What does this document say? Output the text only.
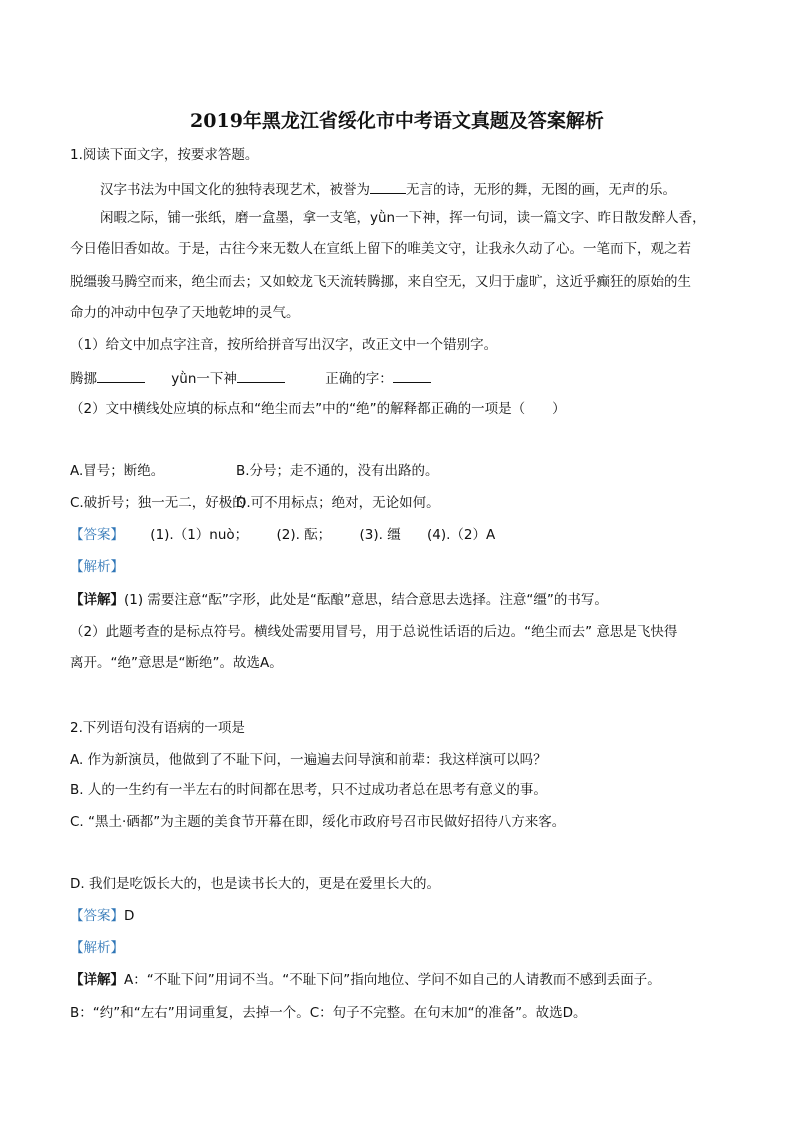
2019年黑龙江省绥化市中考语文真题及答案解析
1.阅读下面文字，按要求答题。
汉字书法为中国文化的独特表现艺术，被誉为	无言的诗，无形的舞，无图的画，无声的乐。
闲暇之际，铺一张纸，磨一盒墨，拿一支笔，yǜn一下神，挥一句词，读一篇文字、昨日散发醉人香，
今日倦旧香如故。于是，古往今来无数人在宣纸上留下的唯美文守，让我永久动了心。一笔而下，观之若
脱缰骏马腾空而来，绝尘而去；又如蛟龙飞天流转腾挪，来自空无，又归于虚旷，这近乎癫狂的原始的生
命力的冲动中包孕了天地乾坤的灵气。
（1）给文中加点字注音，按所给拼音写出汉字，改正文中一个错别字。
腾挪	yǜn一下神	正确的字：
（2）文中横线处应填的标点和“绝尘而去”中的“绝”的解释都正确的一项是（　　）
A.冒号；断绝。	B.分号；走不通的，没有出路的。
C.破折号；独一无二，好极的
D.可不用标点；绝对，无论如何。
【答案】 (1).（1）nuò； (2). 酝； (3). 缰 (4).（2）A
【解析】
【详解】(1) 需要注意“酝”字形，此处是“酝酿”意思，结合意思去选择。注意“缰”的书写。
（2）此题考查的是标点符号。横线处需要用冒号，用于总说性话语的后边。“绝尘而去” 意思是飞快得
离开。“绝”意思是“断绝”。故选A。
2.下列语句没有语病的一项是
A. 作为新演员，他做到了不耻下问，一遍遍去问导演和前辈：我这样演可以吗？
B. 人的一生约有一半左右的时间都在思考，只不过成功者总在思考有意义的事。
C. “黑土·硒都”为主题的美食节开幕在即，绥化市政府号召市民做好招待八方来客。
D. 我们是吃饭长大的，也是读书长大的，更是在爱里长大的。
【答案】D
【解析】
【详解】A：“不耻下问”用词不当。“不耻下问”指向地位、学问不如自己的人请教而不感到丢面子。
B：“约”和“左右”用词重复，去掉一个。C：句子不完整。在句末加“的准备”。故选D。
